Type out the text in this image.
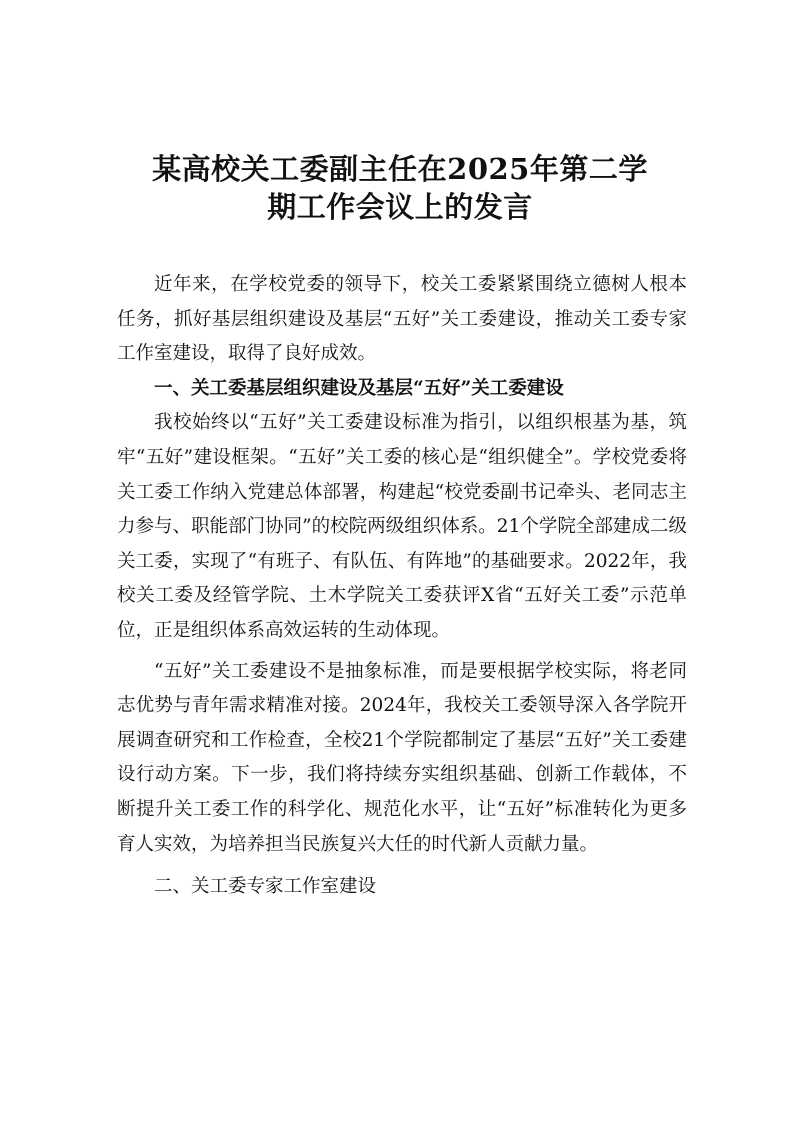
某高校关工委副主任在2025年第二学
期工作会议上的发言

近年来，在学校党委的领导下，校关工委紧紧围绕立德树人根本任务，抓好基层组织建设及基层“五好”关工委建设，推动关工委专家工作室建设，取得了良好成效。

一、关工委基层组织建设及基层“五好”关工委建设

我校始终以“五好”关工委建设标准为指引，以组织根基为基，筑牢“五好”建设框架。“五好”关工委的核心是“组织健全”。学校党委将关工委工作纳入党建总体部署，构建起“校党委副书记牵头、老同志主力参与、职能部门协同”的校院两级组织体系。21个学院全部建成二级关工委，实现了“有班子、有队伍、有阵地”的基础要求。2022年，我校关工委及经管学院、土木学院关工委获评X省“五好关工委”示范单位，正是组织体系高效运转的生动体现。

“五好”关工委建设不是抽象标准，而是要根据学校实际，将老同志优势与青年需求精准对接。2024年，我校关工委领导深入各学院开展调查研究和工作检查，全校21个学院都制定了基层“五好”关工委建设行动方案。下一步，我们将持续夯实组织基础、创新工作载体，不断提升关工委工作的科学化、规范化水平，让“五好”标准转化为更多育人实效，为培养担当民族复兴大任的时代新人贡献力量。

二、关工委专家工作室建设
